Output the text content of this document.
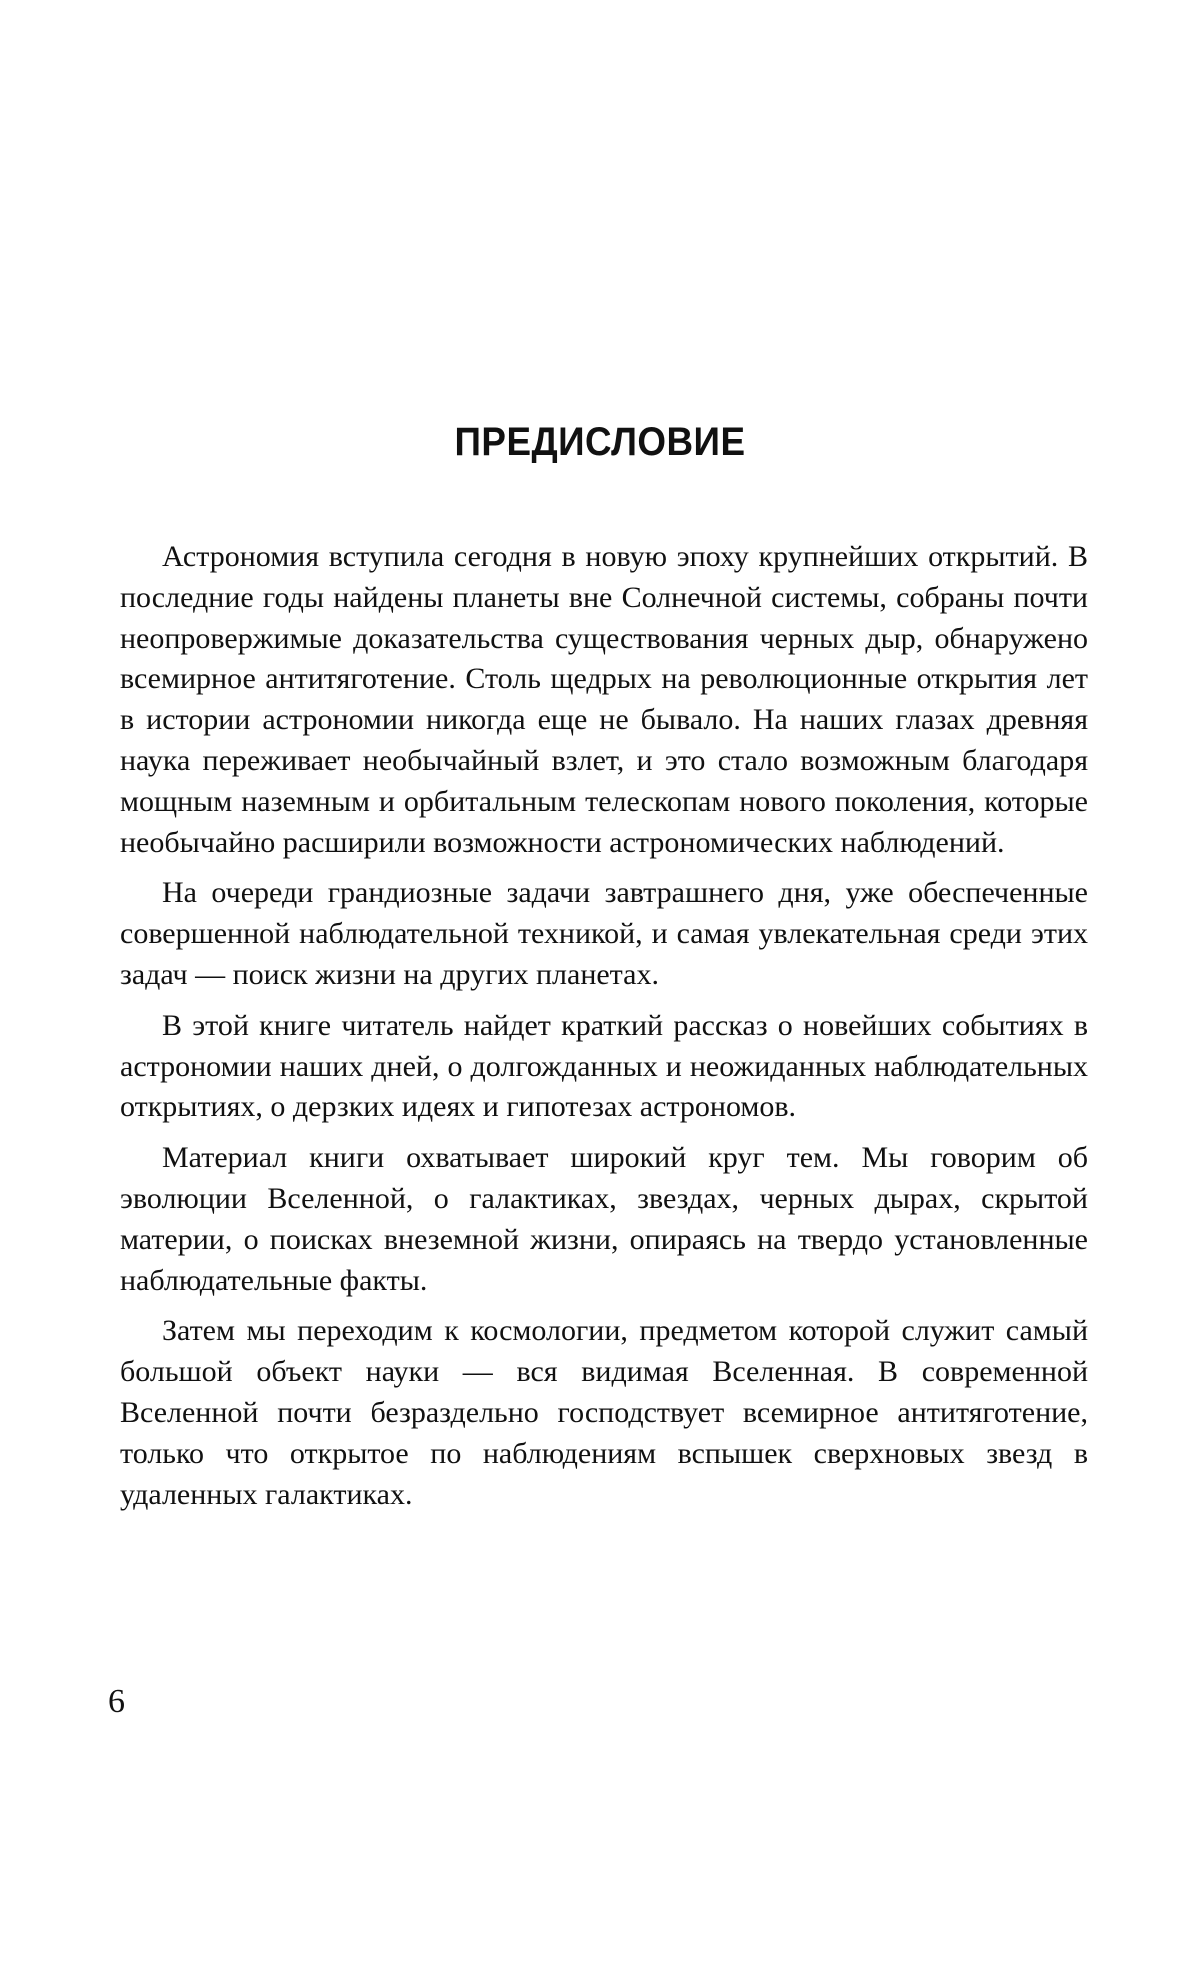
ПРЕДИСЛОВИЕ

Астрономия вступила сегодня в новую эпоху крупнейших открытий. В последние годы найдены планеты вне Солнечной системы, собраны почти неопровержимые доказательства существования черных дыр, обнаружено всемирное антитяготение. Столь щедрых на революционные открытия лет в истории астрономии никогда еще не бывало. На наших глазах древняя наука переживает необычайный взлет, и это стало возможным благодаря мощным наземным и орбитальным телескопам нового поколения, которые необычайно расширили возможности астрономических наблюдений.

На очереди грандиозные задачи завтрашнего дня, уже обеспеченные совершенной наблюдательной техникой, и самая увлекательная среди этих задач — поиск жизни на других планетах.

В этой книге читатель найдет краткий рассказ о новейших событиях в астрономии наших дней, о долгожданных и неожиданных наблюдательных открытиях, о дерзких идеях и гипотезах астрономов.

Материал книги охватывает широкий круг тем. Мы говорим об эволюции Вселенной, о галактиках, звездах, черных дырах, скрытой материи, о поисках внеземной жизни, опираясь на твердо установленные наблюдательные факты.

Затем мы переходим к космологии, предметом которой служит самый большой объект науки — вся видимая Вселенная. В современной Вселенной почти безраздельно господствует всемирное антитяготение, только что открытое по наблюдениям вспышек сверхновых звезд в удаленных галактиках.

6
